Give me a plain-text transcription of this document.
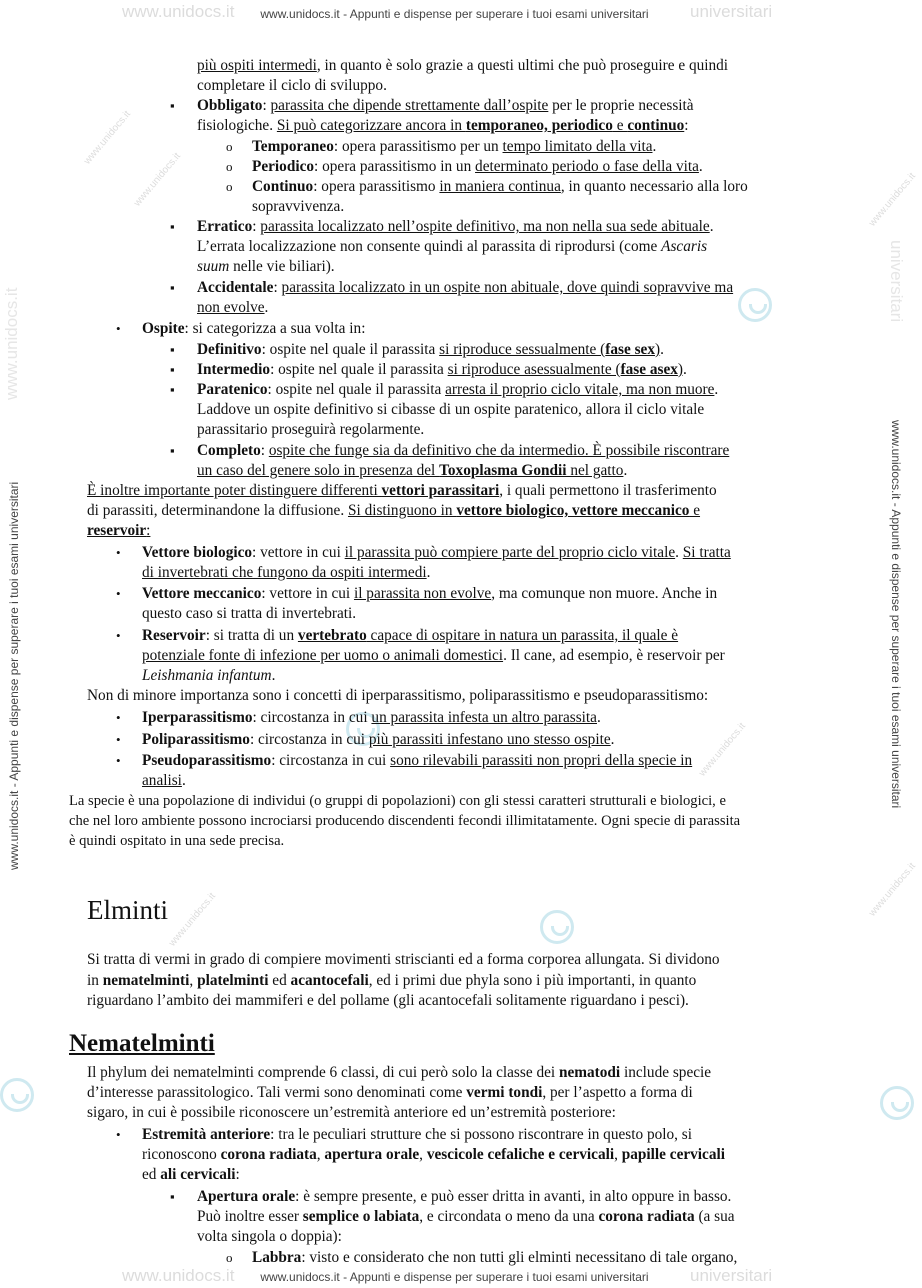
www.unidocs.it - Appunti e dispense per superare i tuoi esami universitari
www.unidocs.it	universitari
www.unidocs.it - Appunti e dispense per superare i tuoi esami universitari	www.unidocs.it - Appunti e dispense per superare i tuoi esami universitari
www.unidocs.it
universitari
www.unidocs.it
www.unidocs.it
www.unidocs.it
www.unidocs.it
www.unidocs.it
www.unidocs.it
più ospiti intermedi, in quanto è solo grazie a questi ultimi che può proseguire e quindi
completare il ciclo di sviluppo.
▪ Obbligato: parassita che dipende strettamente dall’ospite per le proprie necessità
fisiologiche. Si può categorizzare ancora in temporaneo, periodico e continuo:
o Temporaneo: opera parassitismo per un tempo limitato della vita.
o Periodico: opera parassitismo in un determinato periodo o fase della vita.
o Continuo: opera parassitismo in maniera continua, in quanto necessario alla loro
sopravvivenza.
▪ Erratico: parassita localizzato nell’ospite definitivo, ma non nella sua sede abituale.
L’errata localizzazione non consente quindi al parassita di riprodursi (come Ascaris
suum nelle vie biliari).
▪ Accidentale: parassita localizzato in un ospite non abituale, dove quindi sopravvive ma
non evolve.
• Ospite: si categorizza a sua volta in:
▪ Definitivo: ospite nel quale il parassita si riproduce sessualmente (fase sex).
▪ Intermedio: ospite nel quale il parassita si riproduce asessualmente (fase asex).
▪ Paratenico: ospite nel quale il parassita arresta il proprio ciclo vitale, ma non muore.
Laddove un ospite definitivo si cibasse di un ospite paratenico, allora il ciclo vitale
parassitario proseguirà regolarmente.
▪ Completo: ospite che funge sia da definitivo che da intermedio. È possibile riscontrare
un caso del genere solo in presenza del Toxoplasma Gondii nel gatto.
È inoltre importante poter distinguere differenti vettori parassitari, i quali permettono il trasferimento
di parassiti, determinandone la diffusione. Si distinguono in vettore biologico, vettore meccanico e
reservoir:
• Vettore biologico: vettore in cui il parassita può compiere parte del proprio ciclo vitale. Si tratta
di invertebrati che fungono da ospiti intermedi.
• Vettore meccanico: vettore in cui il parassita non evolve, ma comunque non muore. Anche in
questo caso si tratta di invertebrati.
• Reservoir: si tratta di un vertebrato capace di ospitare in natura un parassita, il quale è
potenziale fonte di infezione per uomo o animali domestici. Il cane, ad esempio, è reservoir per
Leishmania infantum.
Non di minore importanza sono i concetti di iperparassitismo, poliparassitismo e pseudoparassitismo:
• Iperparassitismo: circostanza in cui un parassita infesta un altro parassita.
• Poliparassitismo: circostanza in cui più parassiti infestano uno stesso ospite.
• Pseudoparassitismo: circostanza in cui sono rilevabili parassiti non propri della specie in
analisi.
La specie è una popolazione di individui (o gruppi di popolazioni) con gli stessi caratteri strutturali e biologici, e
che nel loro ambiente possono incrociarsi producendo discendenti fecondi illimitatamente. Ogni specie di parassita
è quindi ospitato in una sede precisa.
Elminti
Si tratta di vermi in grado di compiere movimenti striscianti ed a forma corporea allungata. Si dividono
in nematelminti, platelminti ed acantocefali, ed i primi due phyla sono i più importanti, in quanto
riguardano l’ambito dei mammiferi e del pollame (gli acantocefali solitamente riguardano i pesci).
Nematelminti
Il phylum dei nematelminti comprende 6 classi, di cui però solo la classe dei nematodi include specie
d’interesse parassitologico. Tali vermi sono denominati come vermi tondi, per l’aspetto a forma di
sigaro, in cui è possibile riconoscere un’estremità anteriore ed un’estremità posteriore:
• Estremità anteriore: tra le peculiari strutture che si possono riscontrare in questo polo, si
riconoscono corona radiata, apertura orale, vescicole cefaliche e cervicali, papille cervicali
ed ali cervicali:
▪ Apertura orale: è sempre presente, e può esser dritta in avanti, in alto oppure in basso.
Può inoltre esser semplice o labiata, e circondata o meno da una corona radiata (a sua
volta singola o doppia):
o Labbra: visto e considerato che non tutti gli elminti necessitano di tale organo,
www.unidocs.it - Appunti e dispense per superare i tuoi esami universitari
www.unidocs.it	universitari
